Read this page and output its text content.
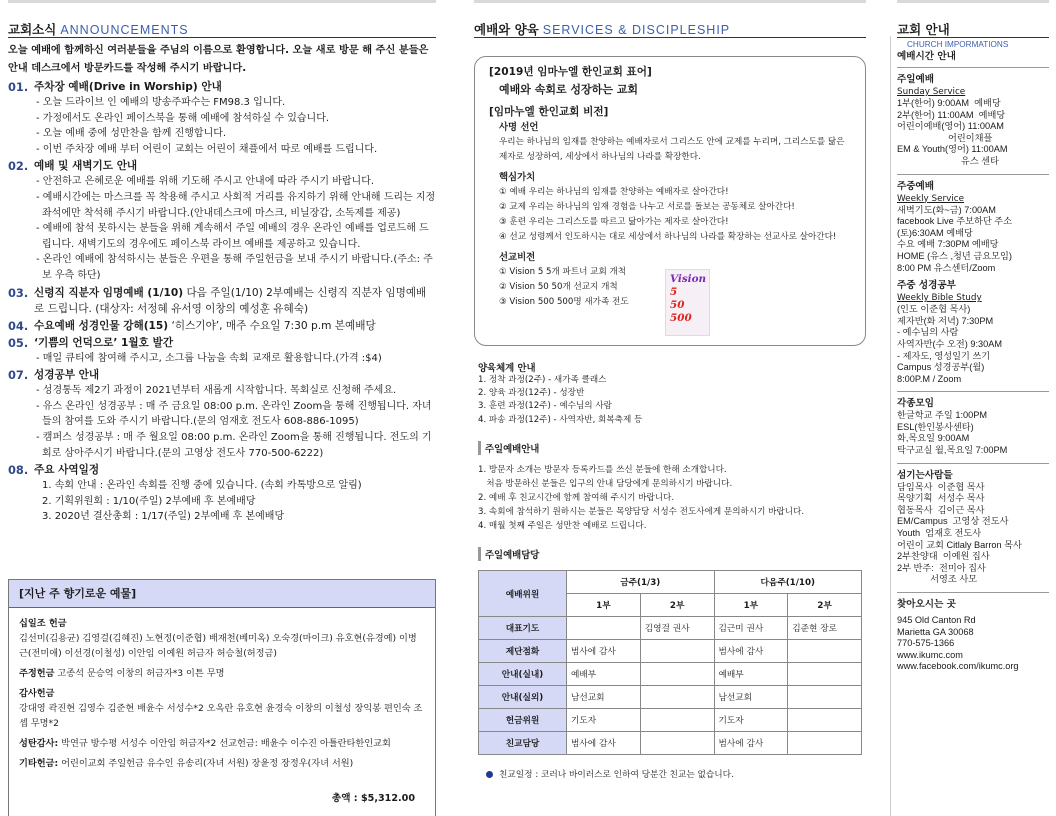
교회소식 ANNOUNCEMENTS
오늘 예배에 함께하신 여러분들을 주님의 이름으로 환영합니다. 오늘 새로 방문 해 주신 분들은 안내 데스크에서 방문카드를 작성해 주시기 바랍니다.
01. 주차장 예배(Drive in Worship) 안내
- 오늘 드라이브 인 예배의 방송주파수는 FM98.3 입니다.
- 가정에서도 온라인 페이스북을 통해 예배에 참석하실 수 있습니다.
- 오늘 예배 중에 성만찬을 함께 진행합니다.
- 이번 주차장 예배 부터 어린이 교회는 어린이 채플에서 따로 예배를 드립니다.
02. 예배 및 새벽기도 안내
- 안전하고 은혜로운 예배를 위해 기도해 주시고 안내에 따라 주시기 바랍니다.
- 예배시간에는 마스크를 꼭 착용해 주시고 사회적 거리를 유지하기 위해 안내해 드리는 지정 좌석에만 착석해 주시기 바랍니다.(안내데스크에 마스크, 비닐장갑, 소독제를 제공)
- 예배에 참석 못하시는 분들을 위해 계속해서 주일 예배의 경우 온라인 예배를 업로드해 드립니다. 새벽기도의 경우에도 페이스북 라이브 예배를 제공하고 있습니다.
- 온라인 예배에 참석하시는 분들은 우편을 통해 주일헌금을 보내 주시기 바랍니다.(주소: 주보 우측 하단)
03. 신령직 직분자 임명예배 (1/10) 다음 주일(1/10) 2부예배는 신령직 직분자 임명예배로 드립니다. (대상자: 서정혜 유서영 이창의 예성훈 유혜숙)
04. 수요예배 성경인물 강해(15) ‘히스기야’, 매주 수요일 7:30 p.m 본예배당
05. ‘기쁨의 언덕으로’ 1월호 발간
- 매일 큐티에 참여해 주시고, 소그룹 나눔을 속회 교재로 활용합니다.(가격 :$4)
07. 성경공부 안내
- 성경통독 제2기 과정이 2021년부터 새롭게 시작합니다. 목회실로 신청해 주세요.
- 유스 온라인 성경공부 : 매 주 금요일 08:00 p.m. 온라인 Zoom을 통해 진행됩니다. 자녀들의 참여를 도와 주시기 바랍니다.(문의 엄재호 전도사 608-886-1095)
- 캠퍼스 성경공부 : 매 주 월요일 08:00 p.m. 온라인 Zoom을 통해 진행됩니다. 전도의 기회로 삼아주시기 바랍니다.(문의 고영상 전도사 770-500-6222)
08. 주요 사역일정
1. 속회 안내 : 온라인 속회를 진행 중에 있습니다. (속회 카톡방으로 알림)
2. 기획위원회 : 1/10(주일) 2부예배 후 본예배당
3. 2020년 결산총회 : 1/17(주일) 2부예배 후 본예배당
[지난 주 향기로운 예물]
십일조 헌금
김선미(김용균) 김영걸(김혜진) 노현정(이준협) 배재천(베미옥) 오숙경(마이크) 유호현(유경예) 이병근(전미애) 이선경(이철성) 이안임 이예원 허금자 허승철(허정금)
주정헌금 고종석 문승억 이창의 허금자*3 이튼 무명
감사헌금
강대영 곽진현 김영수 김준현 배윤수 서성수*2 오옥란 유호현 윤경숙 이창의 이철성 장익봉 편인숙 조셉 무명*2
성탄감사: 박연규 방수평 서성수 이안임 허금자*2 선교헌금: 배윤수 이수진 아틀란타한인교회
기타헌금: 어린이교회 주일헌금 유수인 유송리(자녀 서원) 장윤정 장정우(자녀 서원)
총액 : $5,312.00
예배와 양육 SERVICES & DISCIPLESHIP
[2019년 임마누엘 한인교회 표어]
예배와 속회로 성장하는 교회
[임마누엘 한인교회 비전]
사명 선언
우리는 하나님의 임재를 찬양하는 예배자로서 그리스도 안에 교제를 누리며, 그리스도를 닮은 제자로 성장하여, 세상에서 하나님의 나라를 확장한다.
핵심가치
① 예배 우리는 하나님의 임재를 찬양하는 예배자로 살아간다!
② 교제 우리는 하나님의 임재 경험을 나누고 서로를 돌보는 공동체로 살아간다!
③ 훈련 우리는 그리스도를 따르고 닮아가는 제자로 살아간다!
④ 선교 성령께서 인도하시는 대로 세상에서 하나님의 나라를 확장하는 선교사로 살아간다!
선교비전
① Vision 5 5개 파트너 교회 개척
② Vision 50 50개 선교지 개척
③ Vision 500 500명 새가족 전도
Vision
5
50
500
양육체계 안내
1. 정착 과정(2주) - 새가족 클래스
2. 양육 과정(12주) - 성장반
3. 훈련 과정(12주) - 예수님의 사람
4. 파송 과정(12주) - 사역자반, 회복축제 등
주일예배안내
1. 방문자 소개는 방문자 등록카드를 쓰신 분들에 한해 소개합니다.
처음 방문하신 분들은 입구의 안내 담당에게 문의하시기 바랍니다.
2. 예배 후 친교시간에 함께 참여해 주시기 바랍니다.
3. 속회에 참석하기 원하시는 분들은 목양담당 서성수 전도사에게 문의하시기 바랍니다.
4. 매월 첫째 주일은 성만찬 예배로 드립니다.
주일예배담당
예배위원	금주(1/3)		다음주(1/10)	
	1부	2부	1부	2부
대표기도		김영걸 권사	김근미 권사	김준현 장로
제단점화	범사에 감사		범사에 감사	
안내(실내)	예배부		예배부	
안내(실외)	남선교회		남선교회	
헌금위원	기도자		기도자	
친교담당	범사에 감사		범사에 감사	
친교일정 : 코러나 바이러스로 인하여 당분간 친교는 없습니다.
교회 안내
CHURCH IMPORMATIONS
예배시간 안내
주일예배
Sunday Service
1부(한어) 9:00AM  예배당
2부(한어) 11:00AM  예배당
어린이예배(영어) 11:00AM
어린이채플
EM & Youth(영어) 11:00AM
유스 센타
주중예배
Weekly Service
새벽기도(화~금) 7:00AM
facebook Live 주보하단 주소
(토)6:30AM 예배당
수요 예배 7:30PM 예배당
HOME (유스 ,청년 금요모임)
8:00 PM 유스센터/Zoom
주중 성경공부
Weekly Bible Study
(인도 이준협 목사)
제자반(화 저녁) 7:30PM
- 예수님의 사람
사역자반(수 오전) 9:30AM
- 제자도, 영성일기 쓰기
Campus 성경공부(월)
8:00P.M / Zoom
각종모임
한글학교 주일 1:00PM
ESL(한인봉사센타)
화,목요일 9:00AM
탁구교실 월,목요일 7:00PM
섬기는사람들
담임목사  이준협 목사
목양기획  서성수 목사
협동목사  김이근 목사
EM/Campus  고영상 전도사
Youth  엄재호 전도사
어린이 교회 Citlaly Barron 목사
2부찬양대  이예원 집사
2부 반주:  전미아 집사
서영조 사모
찾아오시는 곳
945 Old Canton Rd
Marietta GA 30068
770-575-1366
www.ikumc.com
www.facebook.com/ikumc.org
